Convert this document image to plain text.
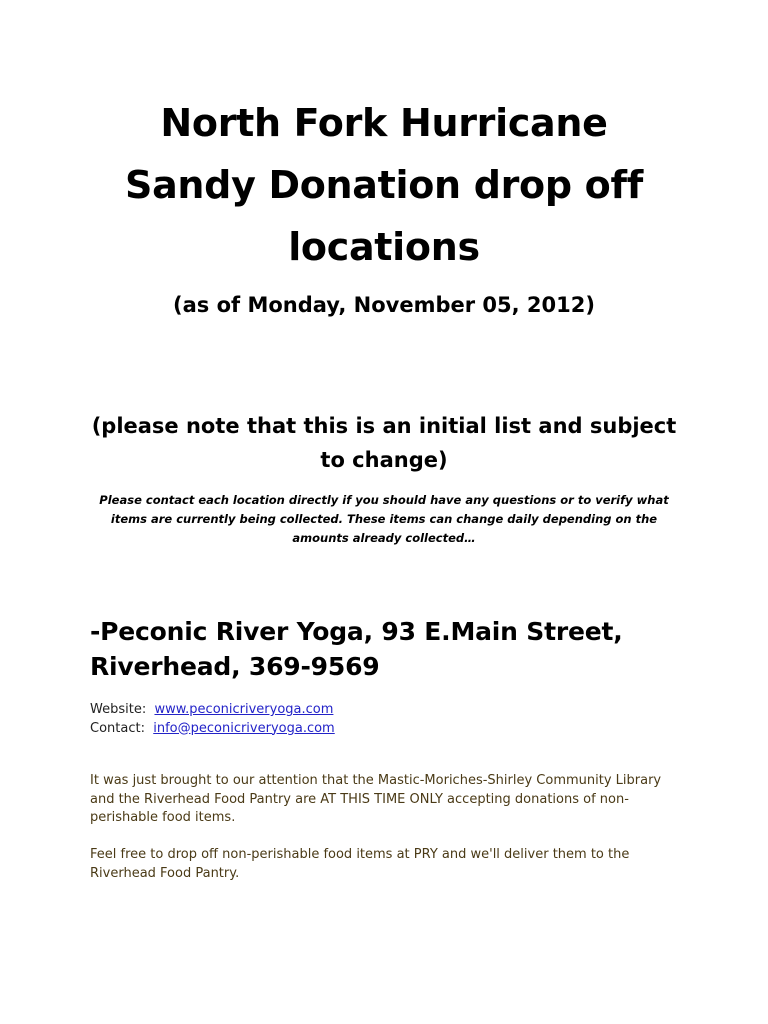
North Fork Hurricane
Sandy Donation drop off
locations
(as of Monday, November 05, 2012)
(please note that this is an initial list and subject
to change)
Please contact each location directly if you should have any questions or to verify what
items are currently being collected. These items can change daily depending on the
amounts already collected…
-Peconic River Yoga, 93 E.Main Street,
Riverhead, 369-9569
Website: www.peconicriveryoga.com
Contact: info@peconicriveryoga.com
It was just brought to our attention that the Mastic-Moriches-Shirley Community Library
and the Riverhead Food Pantry are AT THIS TIME ONLY accepting donations of non-
perishable food items.
Feel free to drop off non-perishable food items at PRY and we'll deliver them to the
Riverhead Food Pantry.
